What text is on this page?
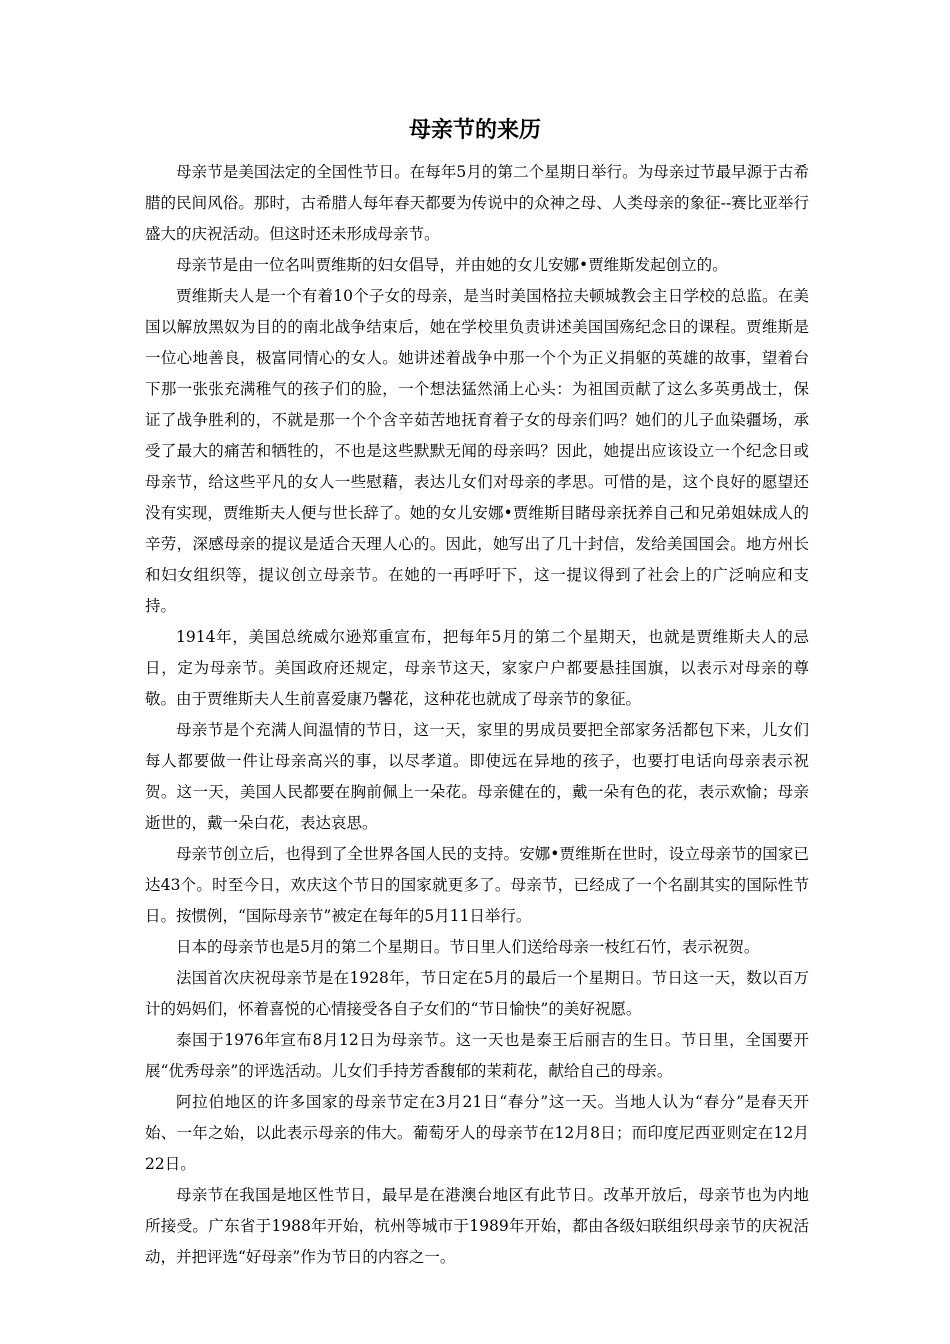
母亲节的来历

母亲节是美国法定的全国性节日。在每年5月的第二个星期日举行。为母亲过节最早源于古希腊的民间风俗。那时，古希腊人每年春天都要为传说中的众神之母、人类母亲的象征--赛比亚举行盛大的庆祝活动。但这时还未形成母亲节。

母亲节是由一位名叫贾维斯的妇女倡导，并由她的女儿安娜•贾维斯发起创立的。

贾维斯夫人是一个有着10个子女的母亲，是当时美国格拉夫顿城教会主日学校的总监。在美国以解放黑奴为目的的南北战争结束后，她在学校里负责讲述美国国殇纪念日的课程。贾维斯是一位心地善良，极富同情心的女人。她讲述着战争中那一个个为正义捐躯的英雄的故事，望着台下那一张张充满稚气的孩子们的脸，一个想法猛然涌上心头：为祖国贡献了这么多英勇战士，保证了战争胜利的，不就是那一个个含辛茹苦地抚育着子女的母亲们吗？她们的儿子血染疆场，承受了最大的痛苦和牺牲的，不也是这些默默无闻的母亲吗？因此，她提出应该设立一个纪念日或母亲节，给这些平凡的女人一些慰藉，表达儿女们对母亲的孝思。可惜的是，这个良好的愿望还没有实现，贾维斯夫人便与世长辞了。她的女儿安娜•贾维斯目睹母亲抚养自己和兄弟姐妹成人的辛劳，深感母亲的提议是适合天理人心的。因此，她写出了几十封信，发给美国国会。地方州长和妇女组织等，提议创立母亲节。在她的一再呼吁下，这一提议得到了社会上的广泛响应和支持。

1914年，美国总统威尔逊郑重宣布，把每年5月的第二个星期天，也就是贾维斯夫人的忌日，定为母亲节。美国政府还规定，母亲节这天，家家户户都要悬挂国旗，以表示对母亲的尊敬。由于贾维斯夫人生前喜爱康乃馨花，这种花也就成了母亲节的象征。

母亲节是个充满人间温情的节日，这一天，家里的男成员要把全部家务活都包下来，儿女们每人都要做一件让母亲高兴的事，以尽孝道。即使远在异地的孩子，也要打电话向母亲表示祝贺。这一天，美国人民都要在胸前佩上一朵花。母亲健在的，戴一朵有色的花，表示欢愉；母亲逝世的，戴一朵白花，表达哀思。

母亲节创立后，也得到了全世界各国人民的支持。安娜•贾维斯在世时，设立母亲节的国家已达43个。时至今日，欢庆这个节日的国家就更多了。母亲节，已经成了一个名副其实的国际性节日。按惯例，“国际母亲节”被定在每年的5月11日举行。

日本的母亲节也是5月的第二个星期日。节日里人们送给母亲一枝红石竹，表示祝贺。

法国首次庆祝母亲节是在1928年，节日定在5月的最后一个星期日。节日这一天，数以百万计的妈妈们，怀着喜悦的心情接受各自子女们的“节日愉快”的美好祝愿。

泰国于1976年宣布8月12日为母亲节。这一天也是泰王后丽吉的生日。节日里，全国要开展“优秀母亲”的评选活动。儿女们手持芳香馥郁的茉莉花，献给自己的母亲。

阿拉伯地区的许多国家的母亲节定在3月21日“春分”这一天。当地人认为“春分”是春天开始、一年之始，以此表示母亲的伟大。葡萄牙人的母亲节在12月8日；而印度尼西亚则定在12月22日。

母亲节在我国是地区性节日，最早是在港澳台地区有此节日。改革开放后，母亲节也为内地所接受。广东省于1988年开始，杭州等城市于1989年开始，都由各级妇联组织母亲节的庆祝活动，并把评选“好母亲”作为节日的内容之一。
